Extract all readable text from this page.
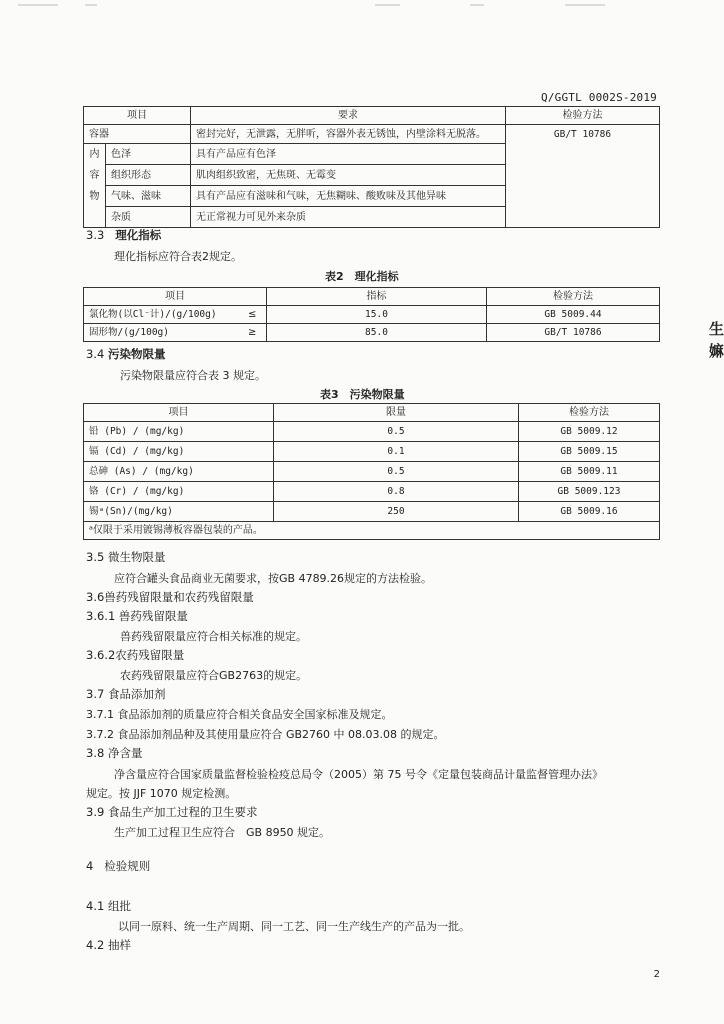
Q/GGTL 0002S-2019
项目		要求	检验方法
容器		密封完好，无泄露，无胖听，容器外表无锈蚀，内壁涂料无脱落。	GB/T 10786
内	色泽	具有产品应有色泽	
容	组织形态	肌肉组织致密，无焦斑、无霉变	
物	气味、滋味	具有产品应有滋味和气味，无焦糊味、酸败味及其他异味	
	杂质	无正常视力可见外来杂质	
3.3 理化指标
理化指标应符合表2规定。
表2　理化指标
项目		指标	检验方法
氯化物(以Cl⁻计)/(g/100g)	≤	15.0	GB 5009.44
固形物/(g/100g)	≥	85.0	GB/T 10786
3.4 污染物限量
污染物限量应符合表 3 规定。
表3　污染物限量
项目	限量	检验方法
铅 (Pb) / (mg/kg)	0.5	GB 5009.12
镉 (Cd) / (mg/kg)	0.1	GB 5009.15
总砷 (As) / (mg/kg)	0.5	GB 5009.11
铬 (Cr) / (mg/kg)	0.8	GB 5009.123
锡ᵃ(Sn)/(mg/kg)	250	GB 5009.16
ᵃ仅限于采用镀锡薄板容器包装的产品。		
3.5 微生物限量
应符合罐头食品商业无菌要求，按GB 4789.26规定的方法检验。
3.6兽药残留限量和农药残留限量
3.6.1 兽药残留限量
兽药残留限量应符合相关标准的规定。
3.6.2农药残留限量
农药残留限量应符合GB2763的规定。
3.7 食品添加剂
3.7.1 食品添加剂的质量应符合相关食品安全国家标准及规定。
3.7.2 食品添加剂品种及其使用量应符合 GB2760 中 08.03.08 的规定。
3.8 净含量
净含量应符合国家质量监督检验检疫总局令（2005）第 75 号令《定量包装商品计量监督管理办法》
规定。按 JJF 1070 规定检测。
3.9 食品生产加工过程的卫生要求
生产加工过程卫生应符合　GB 8950 规定。
4 检验规则
4.1 组批
以同一原料、统一生产周期、同一工艺、同一生产线生产的产品为一批。
4.2 抽样
2
生
嫲
